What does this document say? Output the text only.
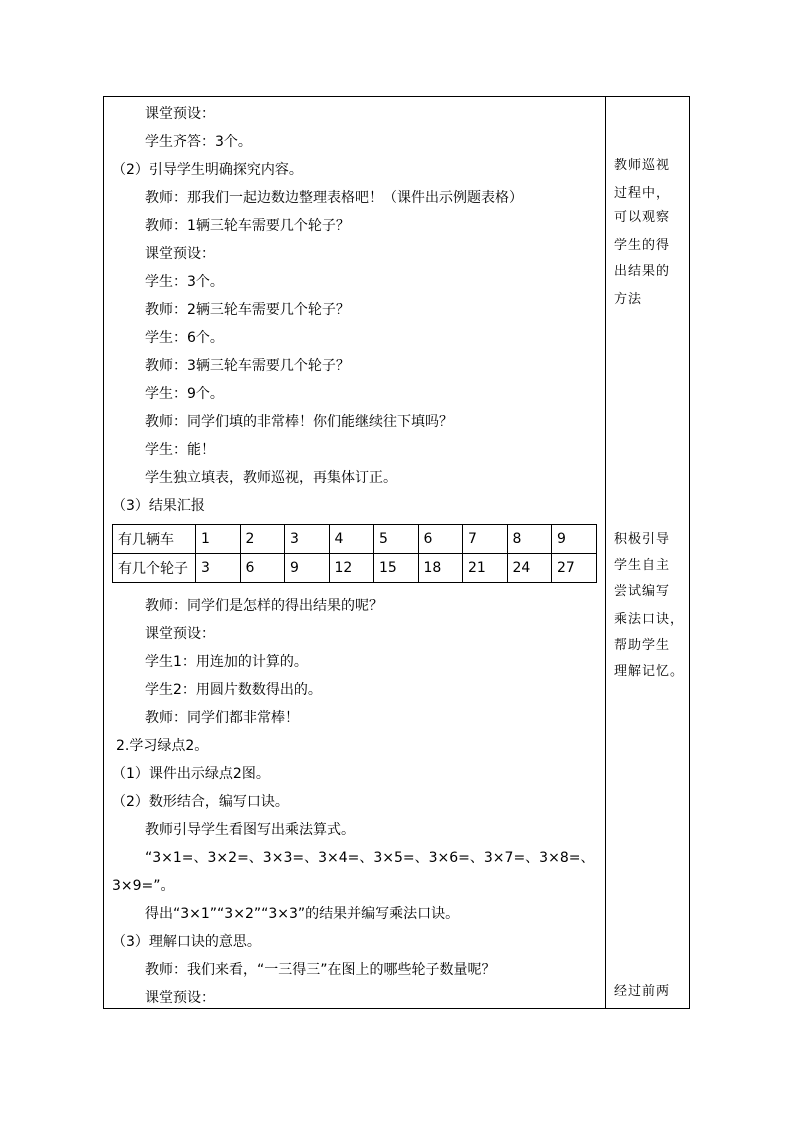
课堂预设：
学生齐答：3个。
（2）引导学生明确探究内容。
教师：那我们一起边数边整理表格吧！（课件出示例题表格）
教师：1辆三轮车需要几个轮子？
课堂预设：
学生：3个。
教师：2辆三轮车需要几个轮子？
学生：6个。
教师：3辆三轮车需要几个轮子？
学生：9个。
教师：同学们填的非常棒！你们能继续往下填吗？
学生：能！
学生独立填表，教师巡视，再集体订正。
（3）结果汇报
有几辆车	1	2	3	4	5	6	7	8	9
有几个轮子	3	6	9	12	15	18	21	24	27
教师：同学们是怎样的得出结果的呢？
课堂预设：
学生1：用连加的计算的。
学生2：用圆片数数得出的。
教师：同学们都非常棒！
2.学习绿点2。
（1）课件出示绿点2图。
（2）数形结合，编写口诀。
教师引导学生看图写出乘法算式。
“3×1=、3×2=、3×3=、3×4=、3×5=、3×6=、3×7=、3×8=、
3×9=”。
得出“3×1”“3×2”“3×3”的结果并编写乘法口诀。
（3）理解口诀的意思。
教师：我们来看，“一三得三”在图上的哪些轮子数量呢？
课堂预设：
教师巡视
过程中，
可以观察
学生的得
出结果的
方法
积极引导
学生自主
尝试编写
乘法口诀，
帮助学生
理解记忆。
经过前两
